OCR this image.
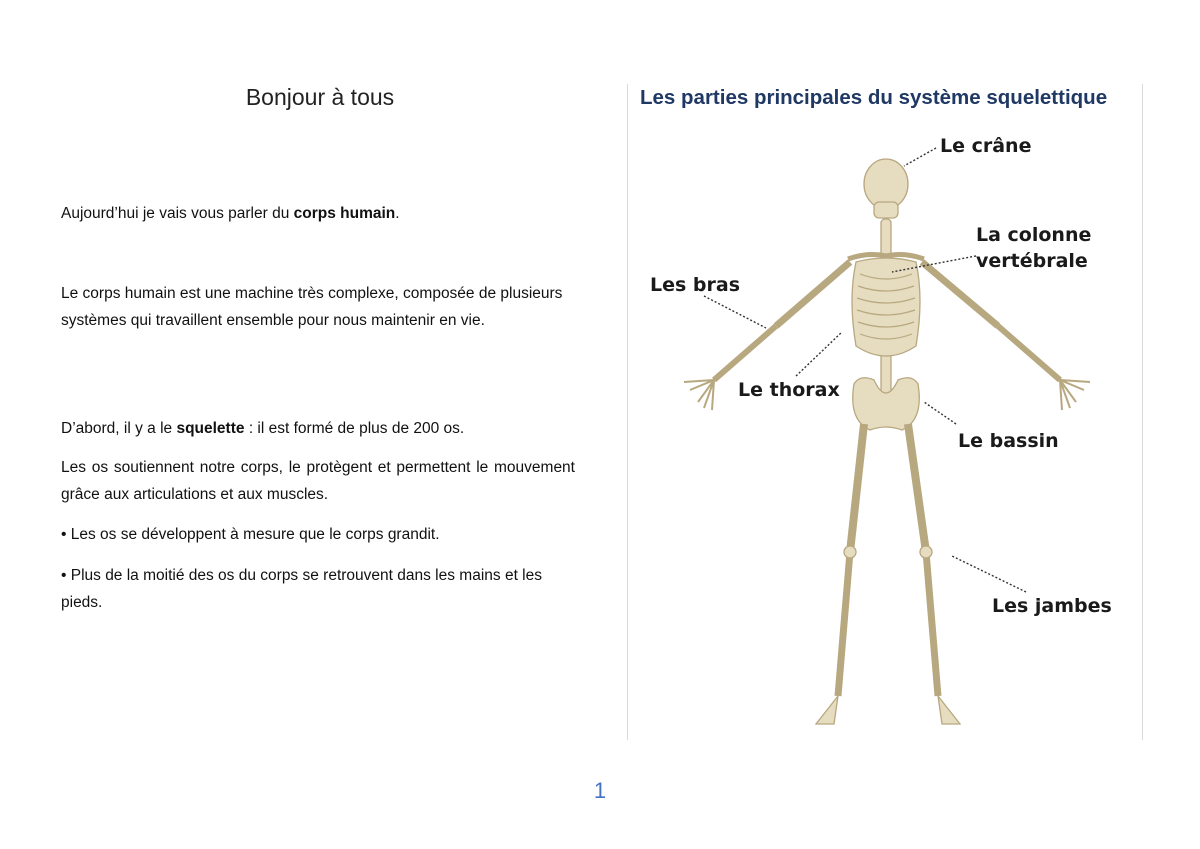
Bonjour à tous

Aujourd’hui je vais vous parler du corps humain.

Le corps humain est une machine très complexe, composée de plusieurs systèmes qui travaillent ensemble pour nous maintenir en vie.

D’abord, il y a le squelette : il est formé de plus de 200 os.

Les os soutiennent notre corps, le protègent et permettent le mouvement grâce aux articulations et aux muscles.

• Les os se développent à mesure que le corps grandit.

• Plus de la moitié des os du corps se retrouvent dans les mains et les pieds.

Les parties principales du système squelettique
Le crâne
La colonne
vertébrale
Les bras
Le thorax
Le bassin
Les jambes
1
